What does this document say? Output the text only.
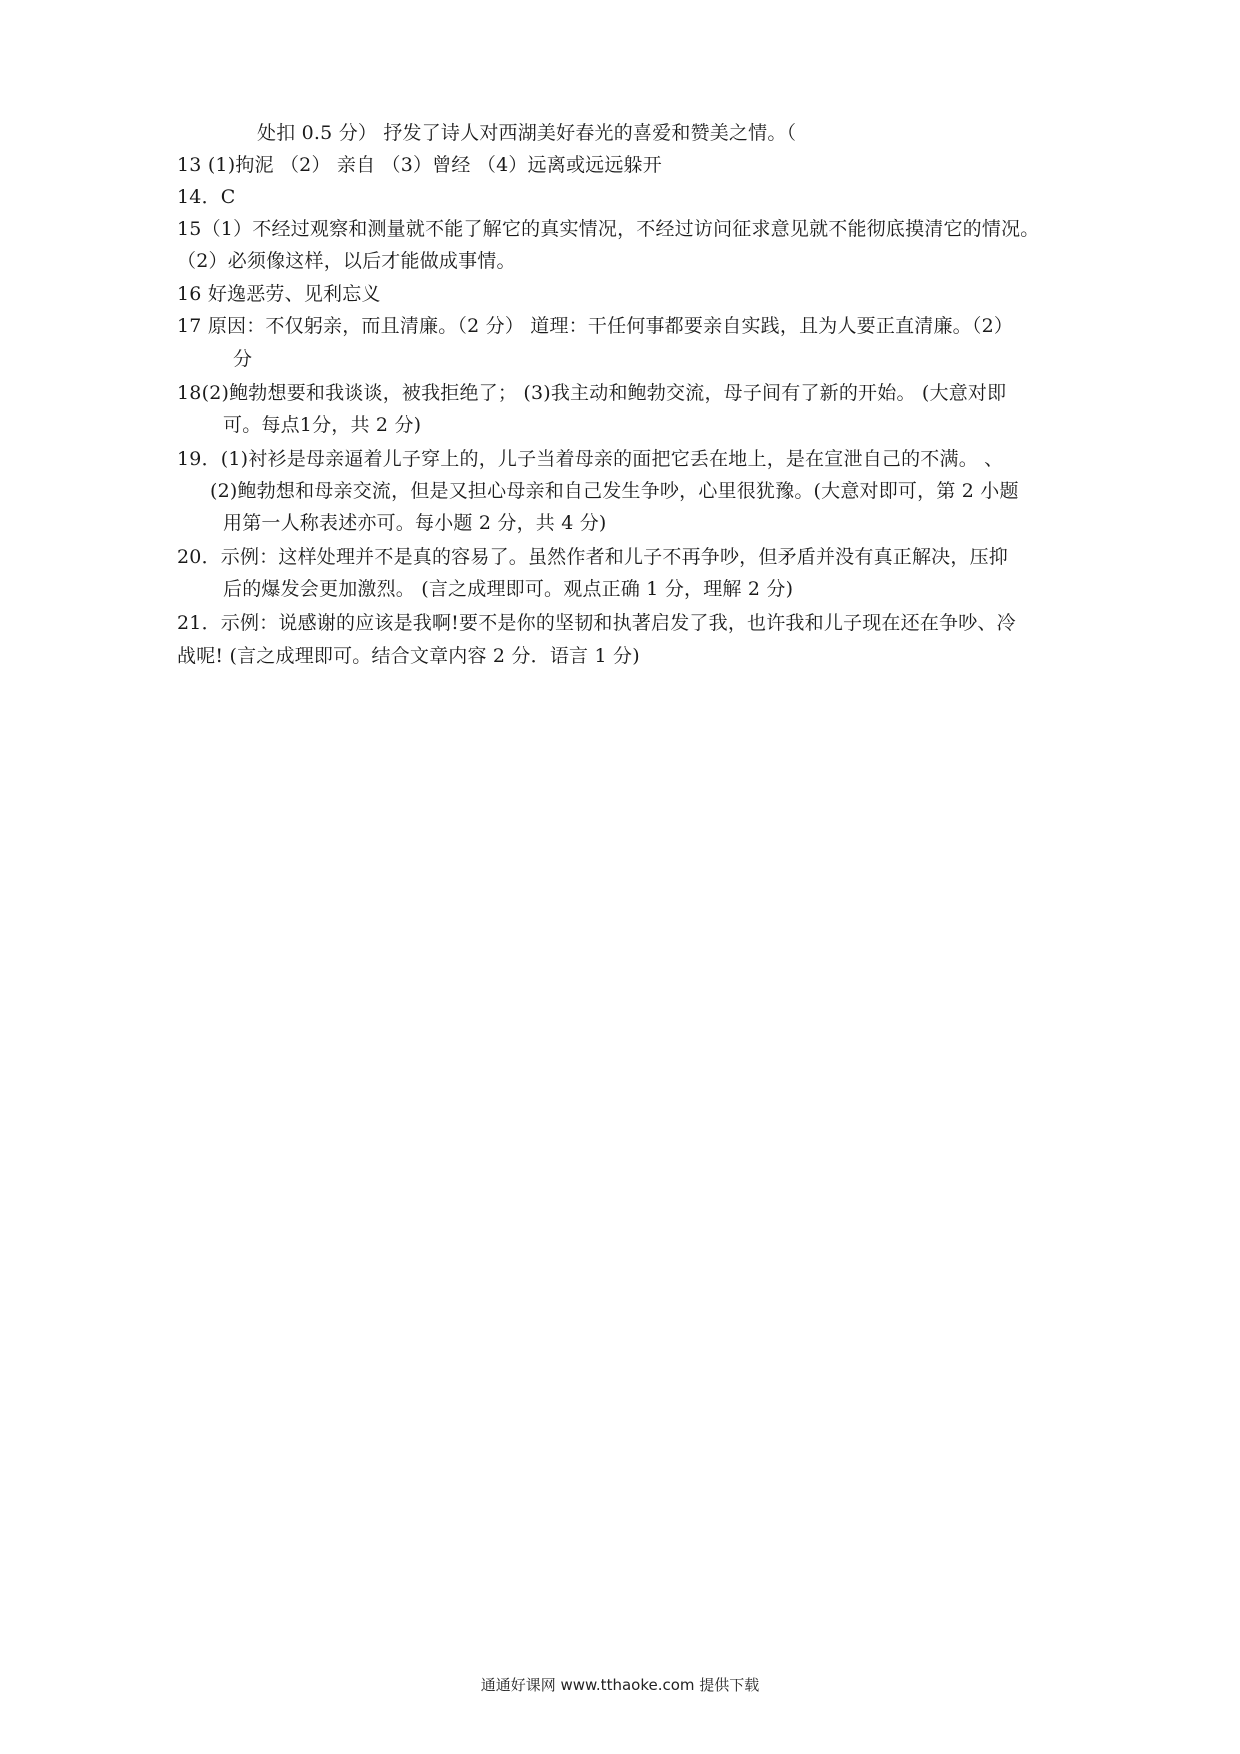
处扣 0.5 分） 抒发了诗人对西湖美好春光的喜爱和赞美之情。（
13 (1)拘泥 （2） 亲自 （3）曾经 （4）远离或远远躲开
14．C
15（1）不经过观察和测量就不能了解它的真实情况，不经过访问征求意见就不能彻底摸清它的情况。
（2）必须像这样，以后才能做成事情。
16 好逸恶劳、见利忘义
17 原因：不仅躬亲，而且清廉。（2 分） 道理：干任何事都要亲自实践，且为人要正直清廉。（2）
分
18(2)鲍勃想要和我谈谈，被我拒绝了； (3)我主动和鲍勃交流，母子间有了新的开始。 (大意对即
可。每点1分，共 2 分)
19．(1)衬衫是母亲逼着儿子穿上的，儿子当着母亲的面把它丢在地上，是在宣泄自己的不满。 、
(2)鲍勃想和母亲交流，但是又担心母亲和自己发生争吵，心里很犹豫。(大意对即可，第 2 小题
用第一人称表述亦可。每小题 2 分，共 4 分)
20．示例：这样处理并不是真的容易了。虽然作者和儿子不再争吵，但矛盾并没有真正解决，压抑
后的爆发会更加激烈。 (言之成理即可。观点正确 1 分，理解 2 分)
21．示例：说感谢的应该是我啊!要不是你的坚韧和执著启发了我，也许我和儿子现在还在争吵、冷
战呢! (言之成理即可。结合文章内容 2 分．语言 1 分)
通通好课网 www.tthaoke.com 提供下载
